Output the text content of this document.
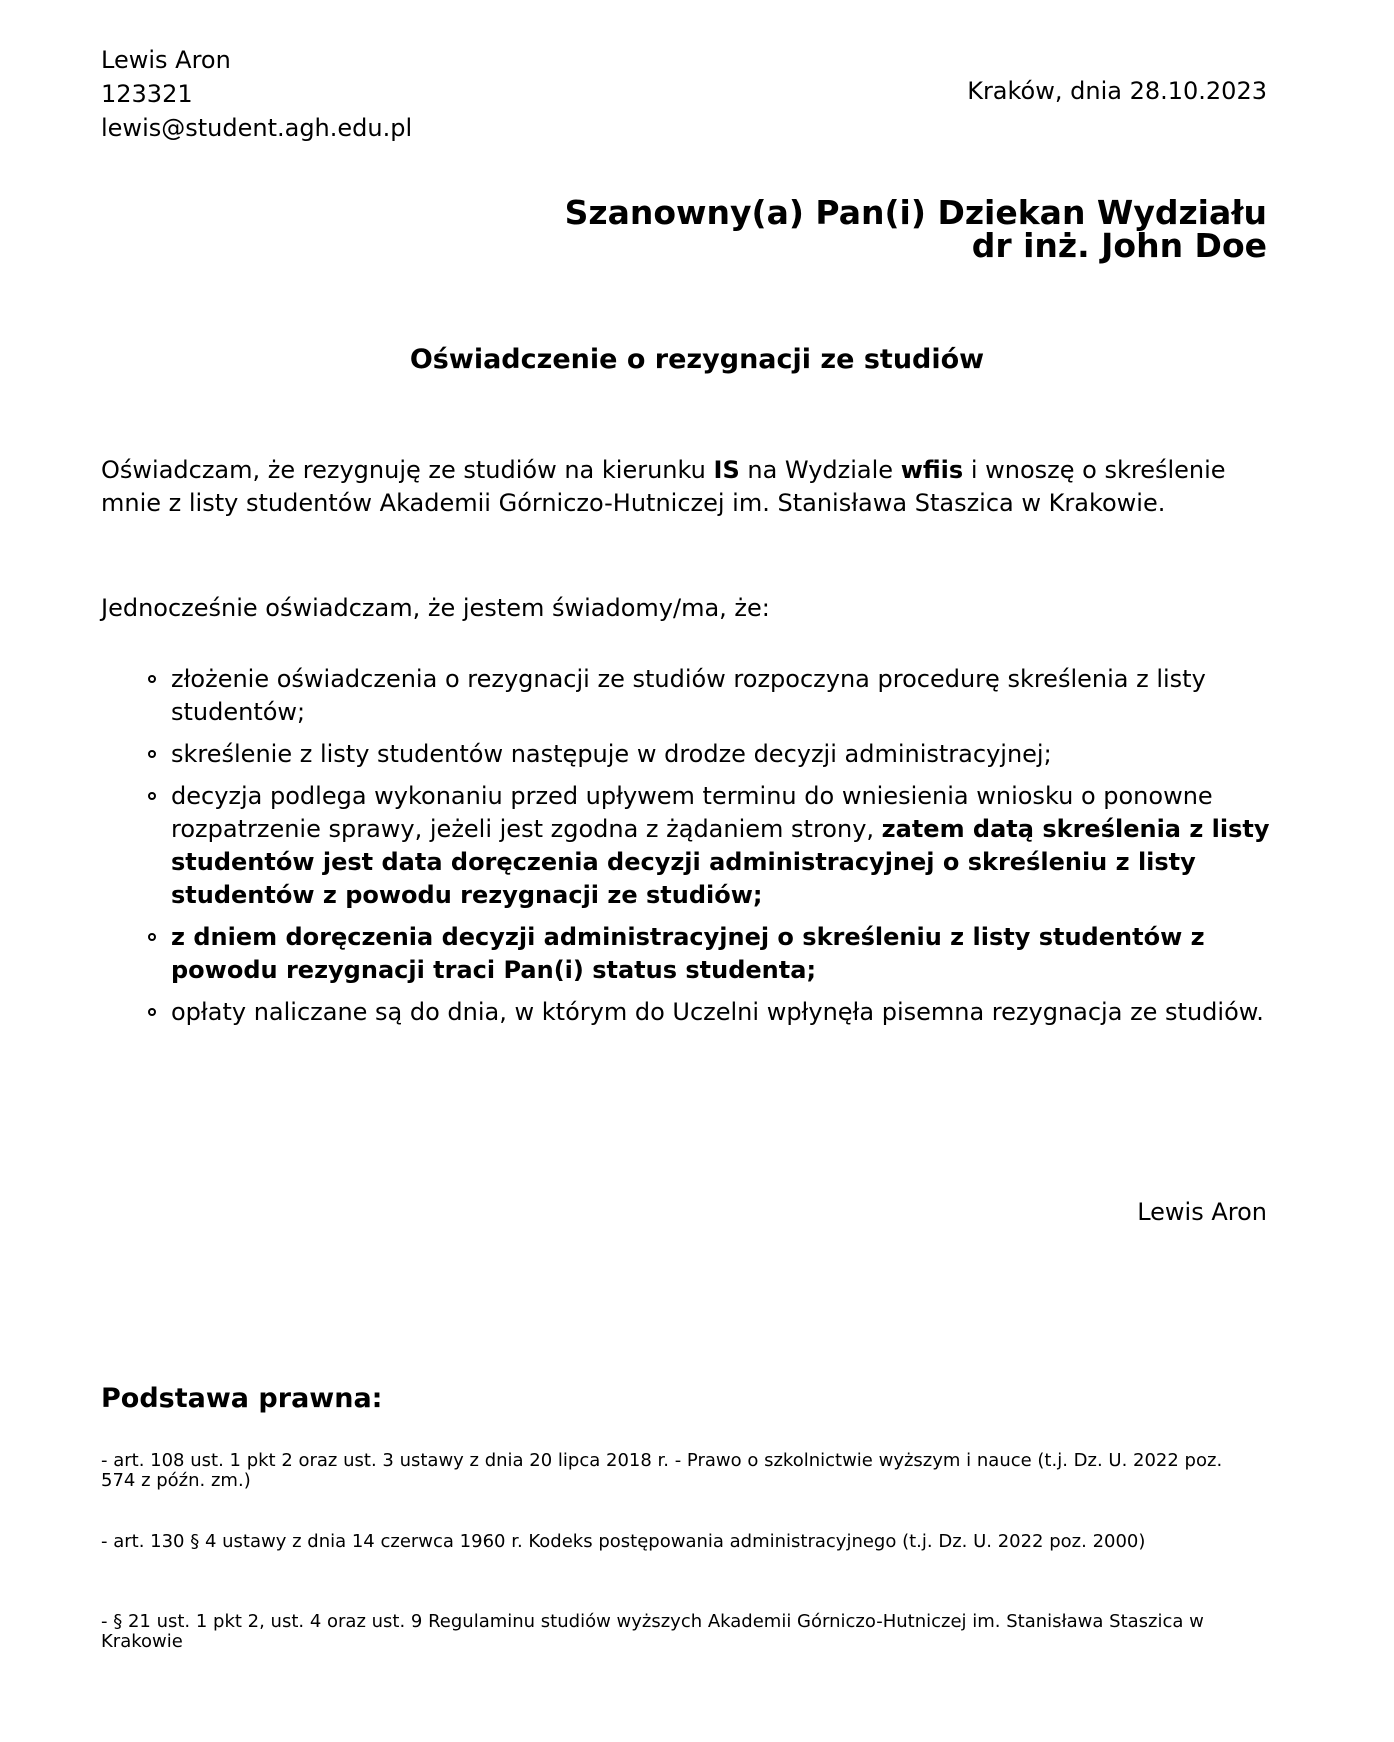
Lewis Aron
123321
lewis@student.agh.edu.pl
Kraków, dnia 28.10.2023
Szanowny(a) Pan(i) Dziekan Wydziału
dr inż. John Doe
Oświadczenie o rezygnacji ze studiów
Oświadczam, że rezygnuję ze studiów na kierunku IS na Wydziale wfiis i wnoszę o skreślenie mnie z listy studentów Akademii Górniczo-Hutniczej im. Stanisława Staszica w Krakowie.
Jednocześnie oświadczam, że jestem świadomy/ma, że:
złożenie oświadczenia o rezygnacji ze studiów rozpoczyna procedurę skreślenia z listy studentów;
skreślenie z listy studentów następuje w drodze decyzji administracyjnej;
decyzja podlega wykonaniu przed upływem terminu do wniesienia wniosku o ponowne rozpatrzenie sprawy, jeżeli jest zgodna z żądaniem strony, zatem datą skreślenia z listy studentów jest data doręczenia decyzji administracyjnej o skreśleniu z listy studentów z powodu rezygnacji ze studiów;
z dniem doręczenia decyzji administracyjnej o skreśleniu z listy studentów z powodu rezygnacji traci Pan(i) status studenta;
opłaty naliczane są do dnia, w którym do Uczelni wpłynęła pisemna rezygnacja ze studiów.
Lewis Aron
Podstawa prawna:
- art. 108 ust. 1 pkt 2 oraz ust. 3 ustawy z dnia 20 lipca 2018 r. - Prawo o szkolnictwie wyższym i nauce (t.j. Dz. U. 2022 poz. 574 z późn. zm.)
- art. 130 § 4 ustawy z dnia 14 czerwca 1960 r. Kodeks postępowania administracyjnego (t.j. Dz. U. 2022 poz. 2000)
- § 21 ust. 1 pkt 2, ust. 4 oraz ust. 9 Regulaminu studiów wyższych Akademii Górniczo-Hutniczej im. Stanisława Staszica w Krakowie
